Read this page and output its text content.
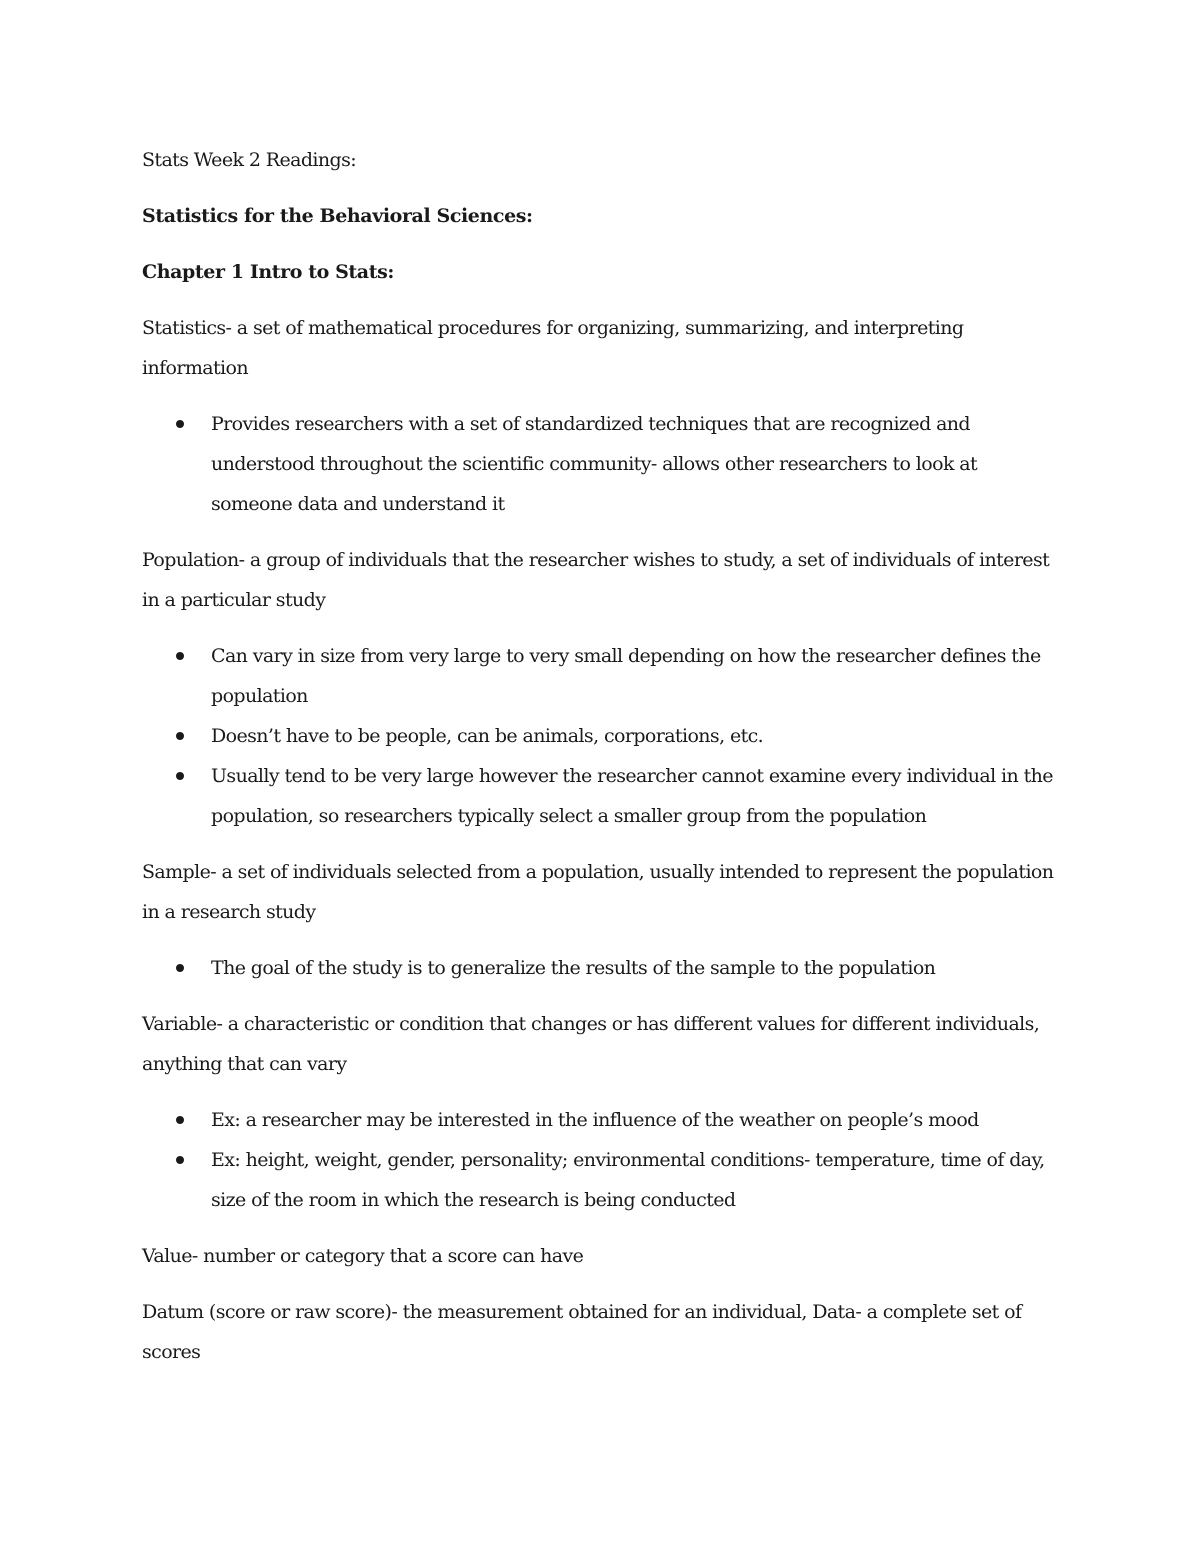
Stats Week 2 Readings:

Statistics for the Behavioral Sciences:

Chapter 1 Intro to Stats:

Statistics- a set of mathematical procedures for organizing, summarizing, and interpreting information

Provides researchers with a set of standardized techniques that are recognized and understood throughout the scientific community- allows other researchers to look at someone data and understand it

Population- a group of individuals that the researcher wishes to study, a set of individuals of interest in a particular study

Can vary in size from very large to very small depending on how the researcher defines the population
Doesn’t have to be people, can be animals, corporations, etc.
Usually tend to be very large however the researcher cannot examine every individual in the population, so researchers typically select a smaller group from the population

Sample- a set of individuals selected from a population, usually intended to represent the population in a research study

The goal of the study is to generalize the results of the sample to the population

Variable- a characteristic or condition that changes or has different values for different individuals, anything that can vary

Ex: a researcher may be interested in the influence of the weather on people’s mood
Ex: height, weight, gender, personality; environmental conditions- temperature, time of day, size of the room in which the research is being conducted

Value- number or category that a score can have

Datum (score or raw score)- the measurement obtained for an individual, Data- a complete set of scores
